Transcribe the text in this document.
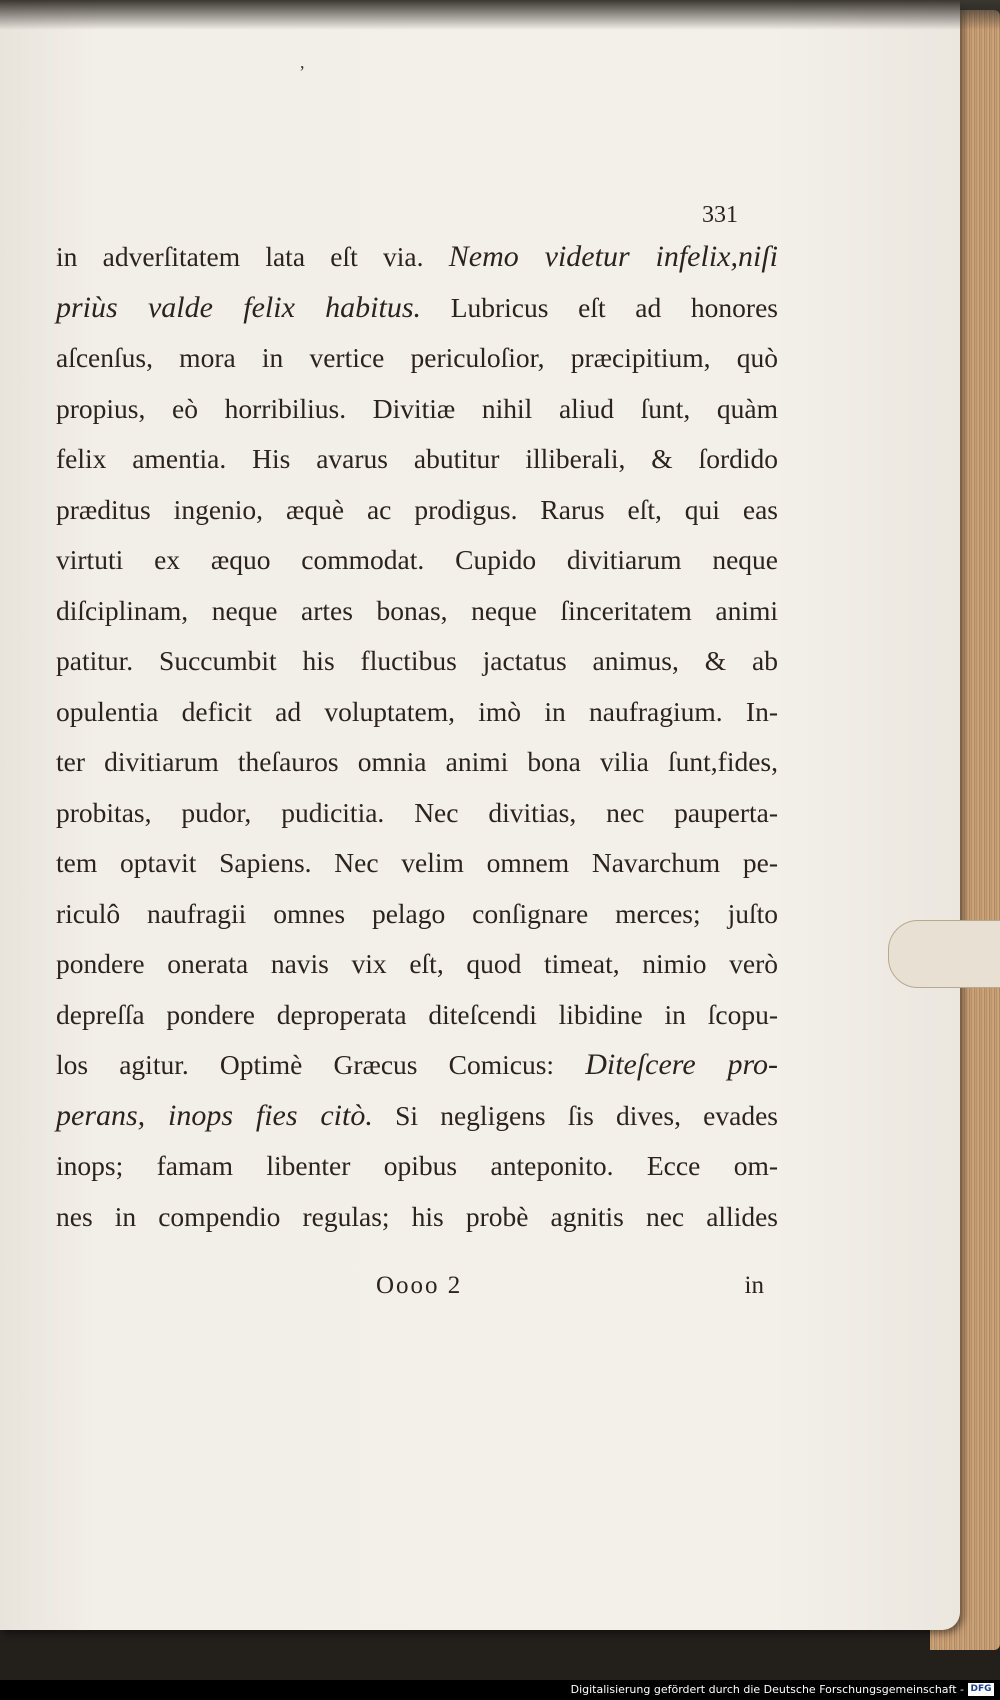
,
331
in adverſitatem lata eſt via. Nemo videtur infelix,niſi
priùs valde felix habitus. Lubricus eſt ad honores
aſcenſus, mora in vertice periculoſior, præcipitium, quò
propius, eò horribilius. Divitiæ nihil aliud ſunt, quàm
felix amentia. His avarus abutitur illiberali, & ſordido
præditus ingenio, æquè ac prodigus. Rarus eſt, qui eas
virtuti ex æquo commodat. Cupido divitiarum neque
diſciplinam, neque artes bonas, neque ſinceritatem animi
patitur. Succumbit his fluctibus jactatus animus, & ab
opulentia deficit ad voluptatem, imò in naufragium. In-
ter divitiarum theſauros omnia animi bona vilia ſunt,fides,
probitas, pudor, pudicitia. Nec divitias, nec pauperta-
tem optavit Sapiens. Nec velim omnem Navarchum pe-
riculô naufragii omnes pelago conſignare merces; juſto
pondere onerata navis vix eſt, quod timeat, nimio verò
depreſſa pondere deproperata diteſcendi libidine in ſcopu-
los agitur. Optimè Græcus Comicus: Diteſcere pro-
perans, inops fies citò. Si negligens ſis dives, evades
inops; famam libenter opibus anteponito. Ecce om-
nes in compendio regulas; his probè agnitis nec allides
Oooo 2	in
Digitalisierung gefördert durch die Deutsche Forschungsgemeinschaft - DFG
